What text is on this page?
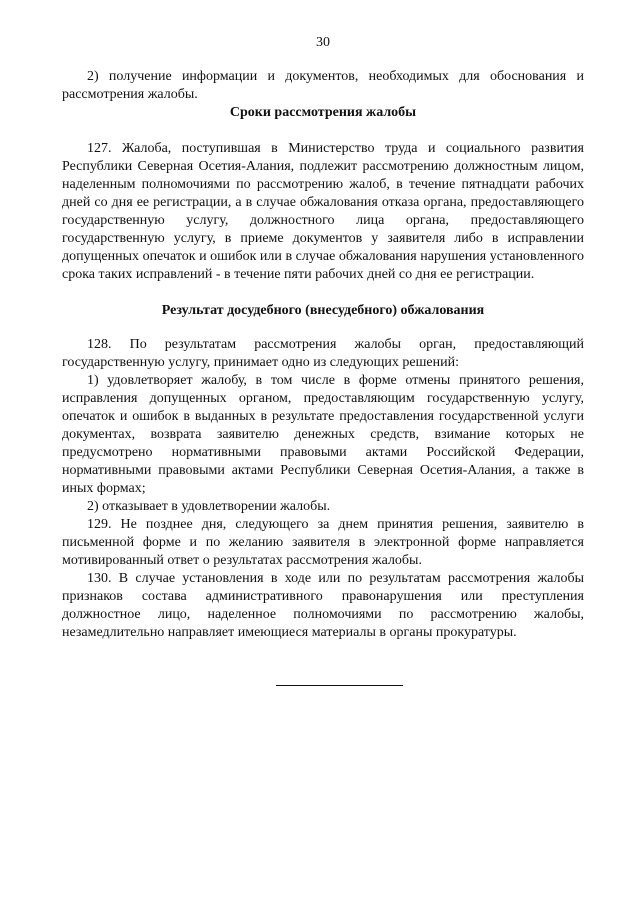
30

2) получение информации и документов, необходимых для обоснования и рассмотрения жалобы.

Сроки рассмотрения жалобы

127. Жалоба, поступившая в Министерство труда и социального развития Республики Северная Осетия-Алания, подлежит рассмотрению должностным лицом, наделенным полномочиями по рассмотрению жалоб, в течение пятнадцати рабочих дней со дня ее регистрации, а в случае обжалования отказа органа, предоставляющего государственную услугу, должностного лица органа, предоставляющего государственную услугу, в приеме документов у заявителя либо в исправлении допущенных опечаток и ошибок или в случае обжалования нарушения установленного срока таких исправлений - в течение пяти рабочих дней со дня ее регистрации.

Результат досудебного (внесудебного) обжалования

128. По результатам рассмотрения жалобы орган, предоставляющий государственную услугу, принимает одно из следующих решений:

1) удовлетворяет жалобу, в том числе в форме отмены принятого решения, исправления допущенных органом, предоставляющим государственную услугу, опечаток и ошибок в выданных в результате предоставления государственной услуги документах, возврата заявителю денежных средств, взимание которых не предусмотрено нормативными правовыми актами Российской Федерации, нормативными правовыми актами Республики Северная Осетия-Алания, а также в иных формах;

2) отказывает в удовлетворении жалобы.

129. Не позднее дня, следующего за днем принятия решения, заявителю в письменной форме и по желанию заявителя в электронной форме направляется мотивированный ответ о результатах рассмотрения жалобы.

130. В случае установления в ходе или по результатам рассмотрения жалобы признаков состава административного правонарушения или преступления должностное лицо, наделенное полномочиями по рассмотрению жалобы, незамедлительно направляет имеющиеся материалы в органы прокуратуры.
